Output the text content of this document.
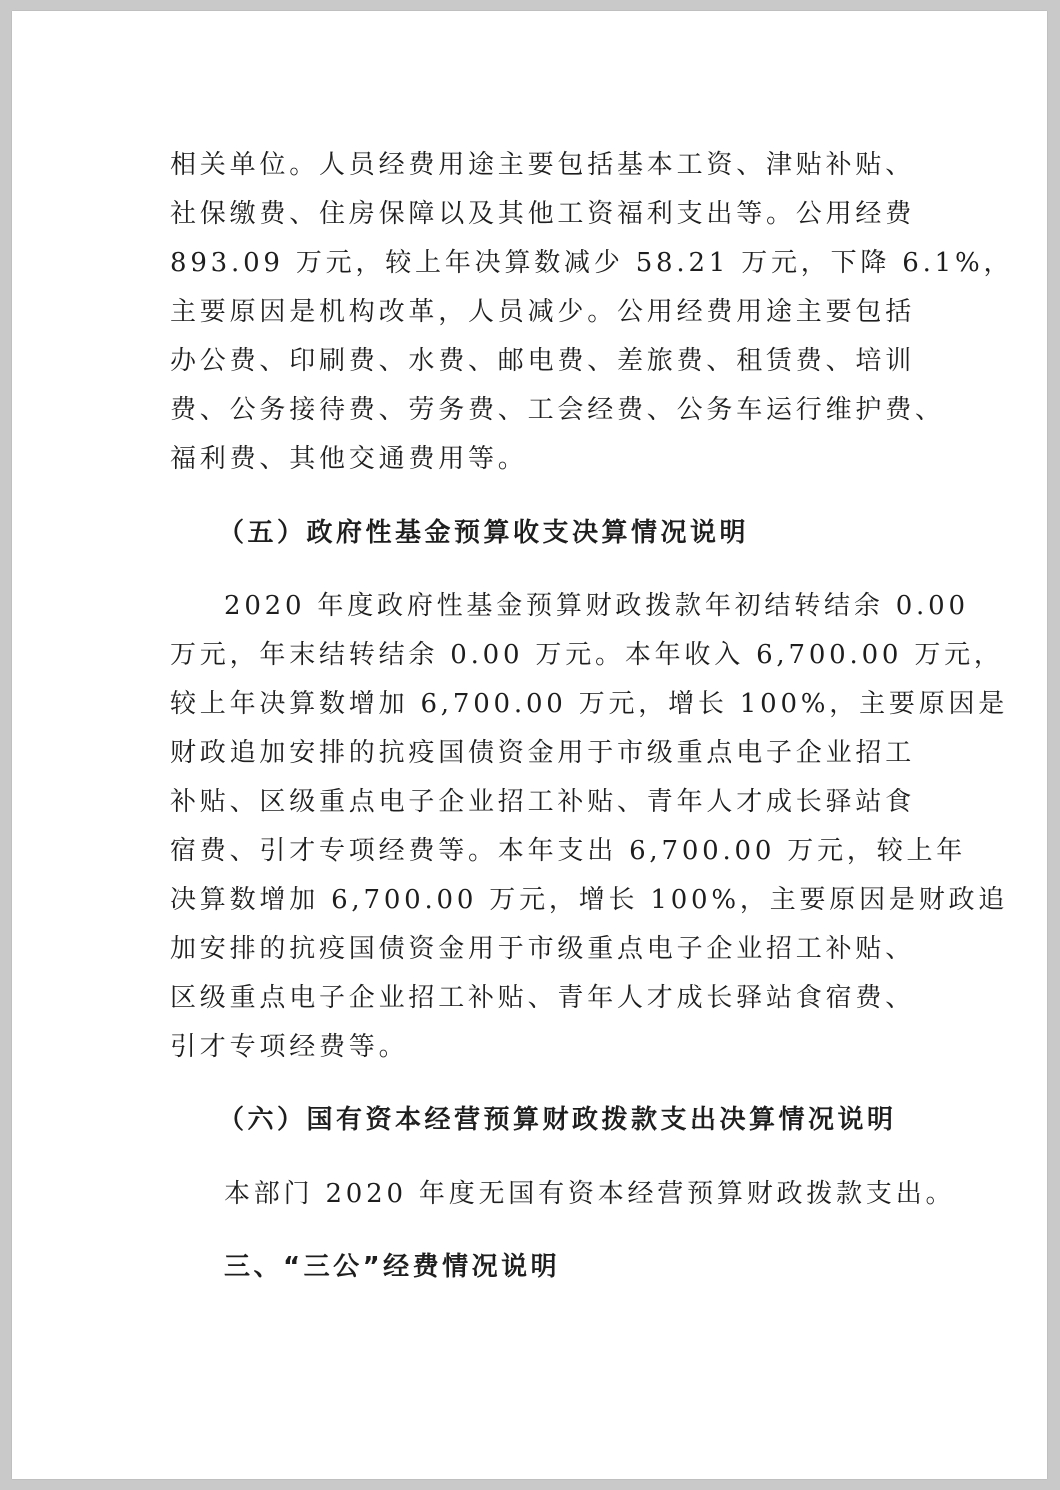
相关单位。人员经费用途主要包括基本工资、津贴补贴、

社保缴费、住房保障以及其他工资福利支出等。公用经费

893.09 万元，较上年决算数减少 58.21 万元，下降 6.1%，

主要原因是机构改革，人员减少。公用经费用途主要包括

办公费、印刷费、水费、邮电费、差旅费、租赁费、培训

费、公务接待费、劳务费、工会经费、公务车运行维护费、

福利费、其他交通费用等。

（五）政府性基金预算收支决算情况说明

2020 年度政府性基金预算财政拨款年初结转结余 0.00

万元，年末结转结余 0.00 万元。本年收入 6,700.00 万元，

较上年决算数增加 6,700.00 万元，增长 100%，主要原因是

财政追加安排的抗疫国债资金用于市级重点电子企业招工

补贴、区级重点电子企业招工补贴、青年人才成长驿站食

宿费、引才专项经费等。本年支出 6,700.00 万元，较上年

决算数增加 6,700.00 万元，增长 100%，主要原因是财政追

加安排的抗疫国债资金用于市级重点电子企业招工补贴、

区级重点电子企业招工补贴、青年人才成长驿站食宿费、

引才专项经费等。

（六）国有资本经营预算财政拨款支出决算情况说明

本部门 2020 年度无国有资本经营预算财政拨款支出。

三、“三公”经费情况说明
